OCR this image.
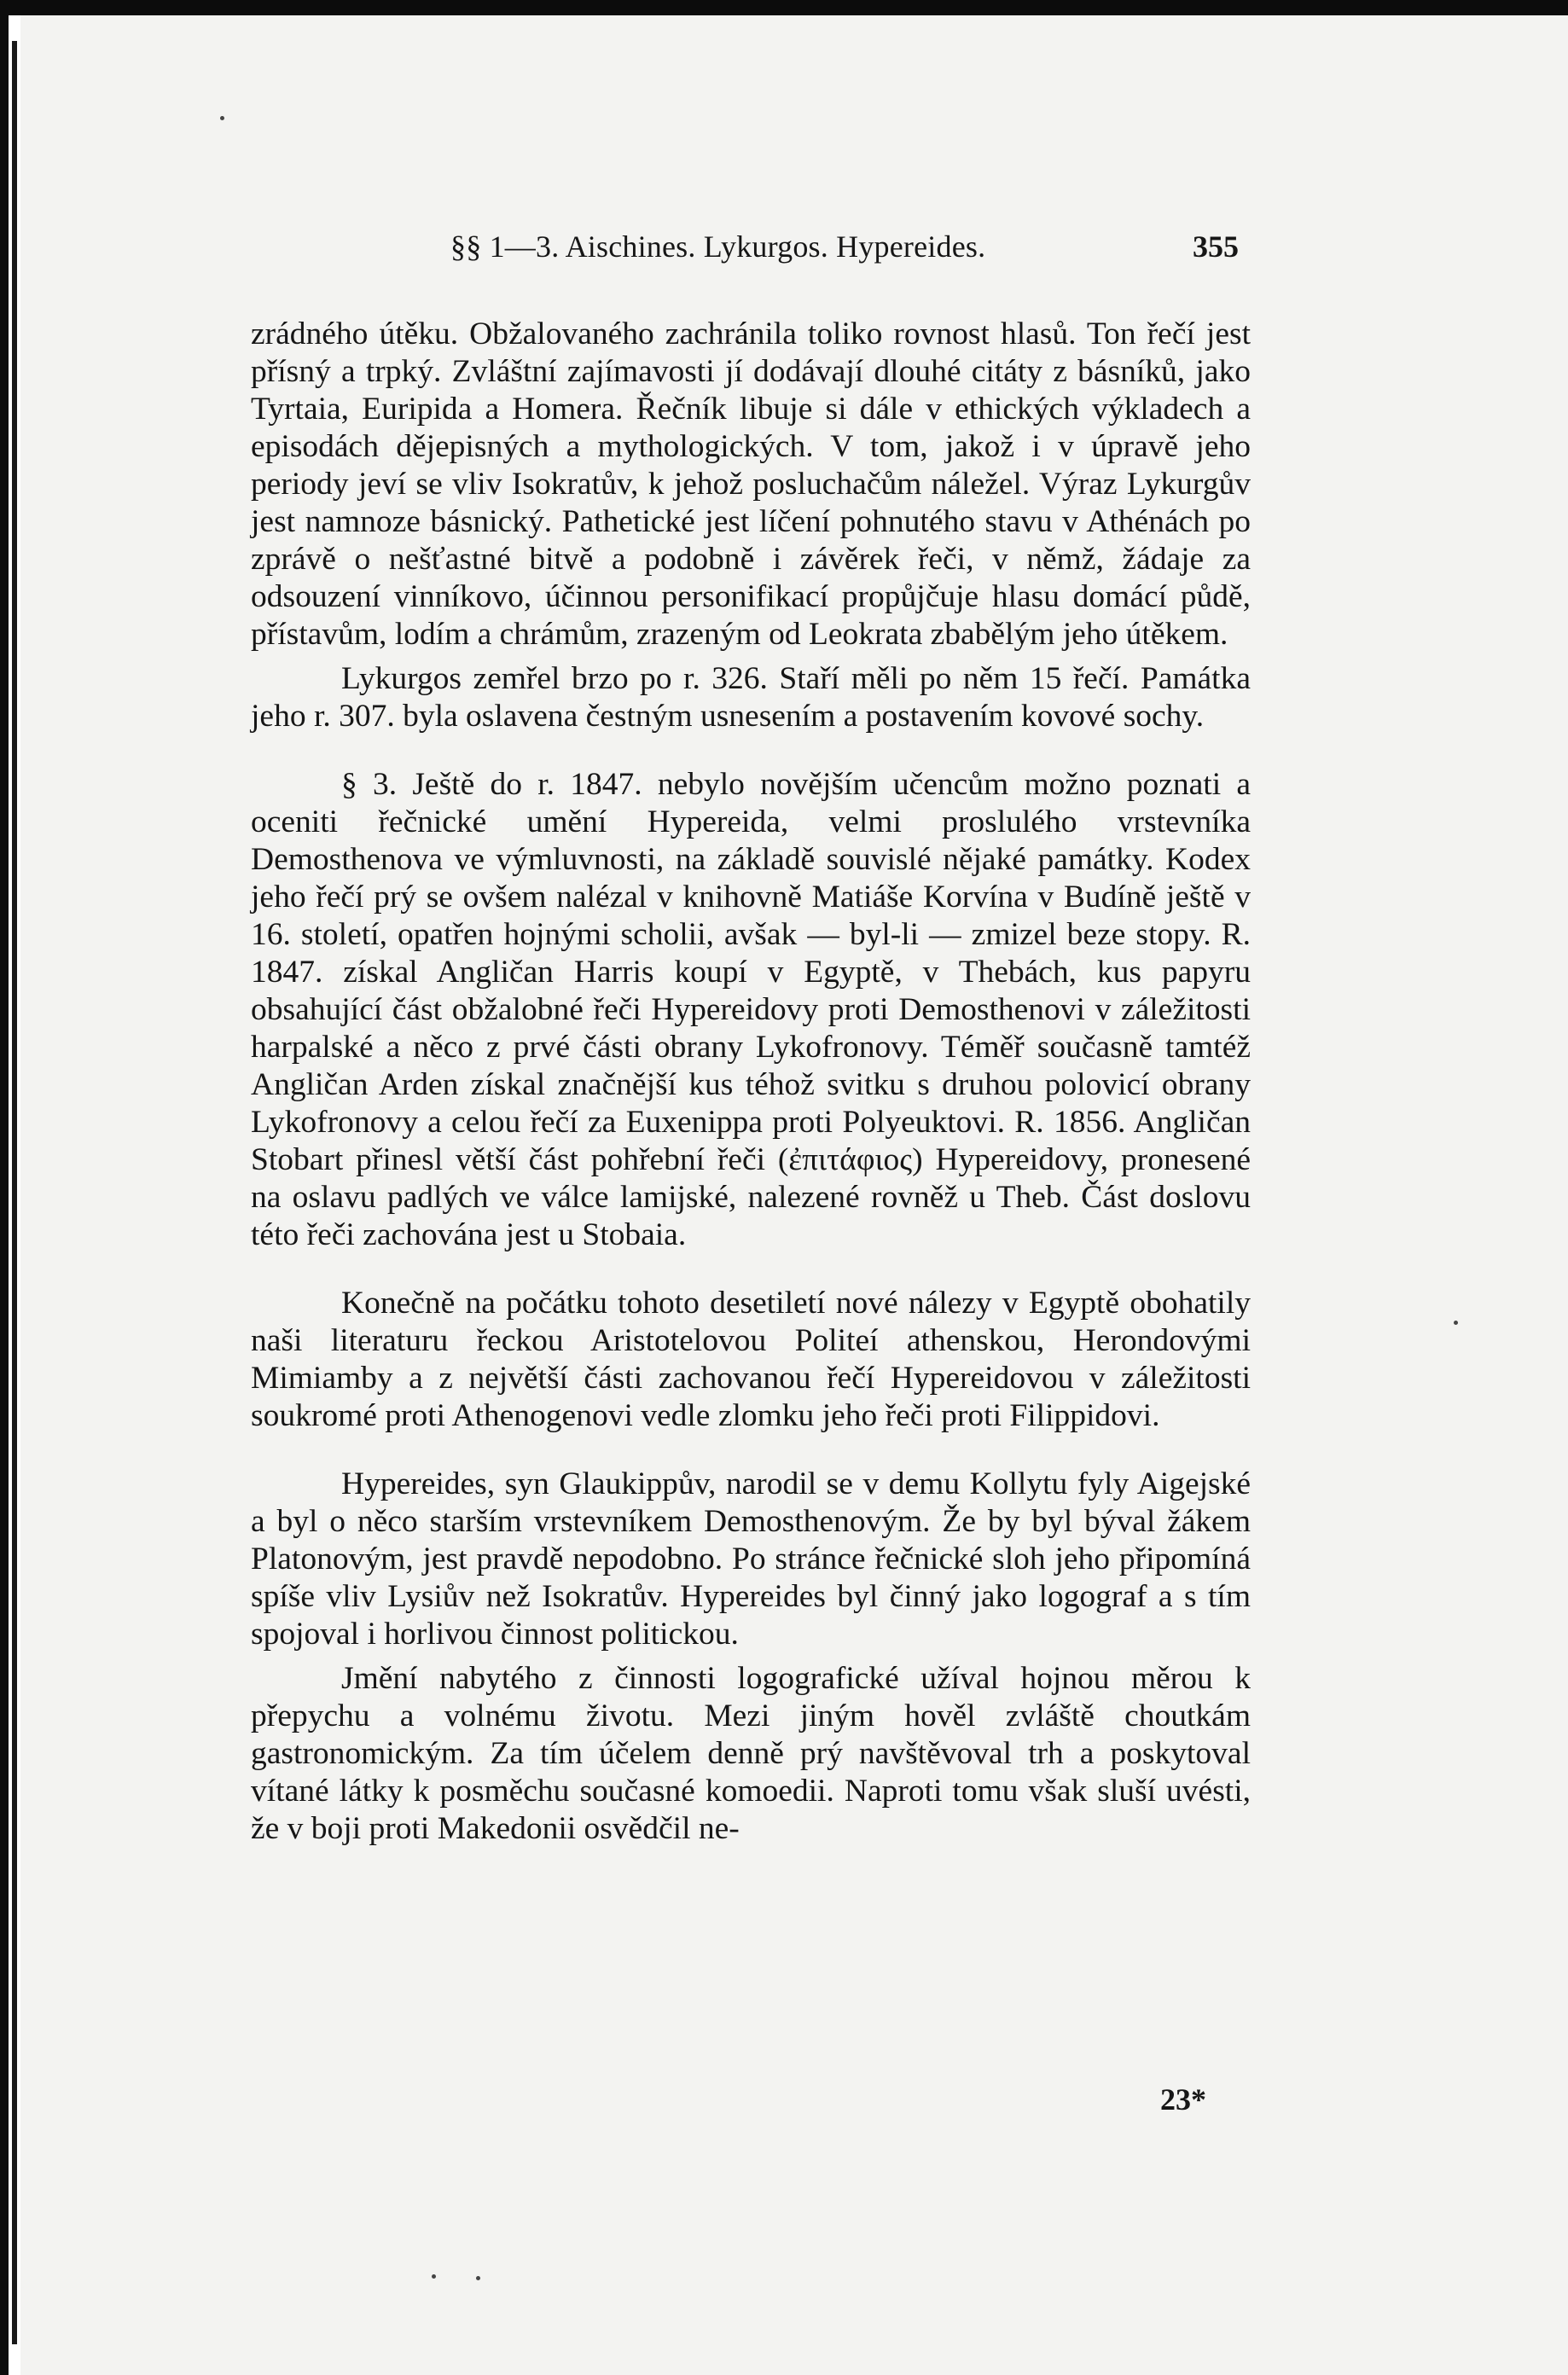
§§ 1—3. Aischines. Lykurgos. Hypereides.	355

zrádného útěku. Obžalovaného zachránila toliko rovnost hlasů. Ton řečí jest přísný a trpký. Zvláštní zajímavosti jí dodávají dlouhé citáty z básníků, jako Tyrtaia, Euripida a Homera. Řečník libuje si dále v ethických výkladech a episodách dějepisných a mythologických. V tom, jakož i v úpravě jeho periody jeví se vliv Isokratův, k jehož posluchačům náležel. Výraz Lykurgův jest namnoze básnický. Pathetické jest líčení pohnutého stavu v Athénách po zprávě o nešťastné bitvě a podobně i závěrek řeči, v němž, žádaje za odsouzení vinníkovo, účinnou personifikací propůjčuje hlasu domácí půdě, přístavům, lodím a chrámům, zrazeným od Leokrata zbabělým jeho útěkem.

Lykurgos zemřel brzo po r. 326. Staří měli po něm 15 řečí. Památka jeho r. 307. byla oslavena čestným usnesením a postavením kovové sochy.

§ 3. Ještě do r. 1847. nebylo novějším učencům možno poznati a oceniti řečnické umění Hypereida, velmi proslulého vrstevníka Demosthenova ve výmluvnosti, na základě souvislé nějaké památky. Kodex jeho řečí prý se ovšem nalézal v knihovně Matiáše Korvína v Budíně ještě v 16. století, opatřen hojnými scholii, avšak — byl-li — zmizel beze stopy. R. 1847. získal Angličan Harris koupí v Egyptě, v Thebách, kus papyru obsahující část obžalobné řeči Hypereidovy proti Demosthenovi v záležitosti harpalské a něco z prvé části obrany Lykofronovy. Téměř současně tamtéž Angličan Arden získal značnější kus téhož svitku s druhou polovicí obrany Lykofronovy a celou řečí za Euxenippa proti Polyeuktovi. R. 1856. Angličan Stobart přinesl větší část pohřební řeči (ἐπιτάφιος) Hypereidovy, pronesené na oslavu padlých ve válce lamijské, nalezené rovněž u Theb. Část doslovu této řeči zachována jest u Stobaia.

Konečně na počátku tohoto desetiletí nové nálezy v Egyptě obohatily naši literaturu řeckou Aristotelovou Politeí athenskou, Herondovými Mimiamby a z největší části zachovanou řečí Hypereidovou v záležitosti soukromé proti Athenogenovi vedle zlomku jeho řeči proti Filippidovi.

Hypereides, syn Glaukippův, narodil se v demu Kollytu fyly Aigejské a byl o něco starším vrstevníkem Demosthenovým. Že by byl býval žákem Platonovým, jest pravdě nepodobno. Po stránce řečnické sloh jeho připomíná spíše vliv Lysiův než Isokratův. Hypereides byl činný jako logograf a s tím spojoval i horlivou činnost politickou.

Jmění nabytého z činnosti logografické užíval hojnou měrou k přepychu a volnému životu. Mezi jiným hověl zvláště choutkám gastronomickým. Za tím účelem denně prý navštěvoval trh a poskytoval vítané látky k posměchu současné komoedii. Naproti tomu však sluší uvésti, že v boji proti Makedonii osvědčil ne-

23*
